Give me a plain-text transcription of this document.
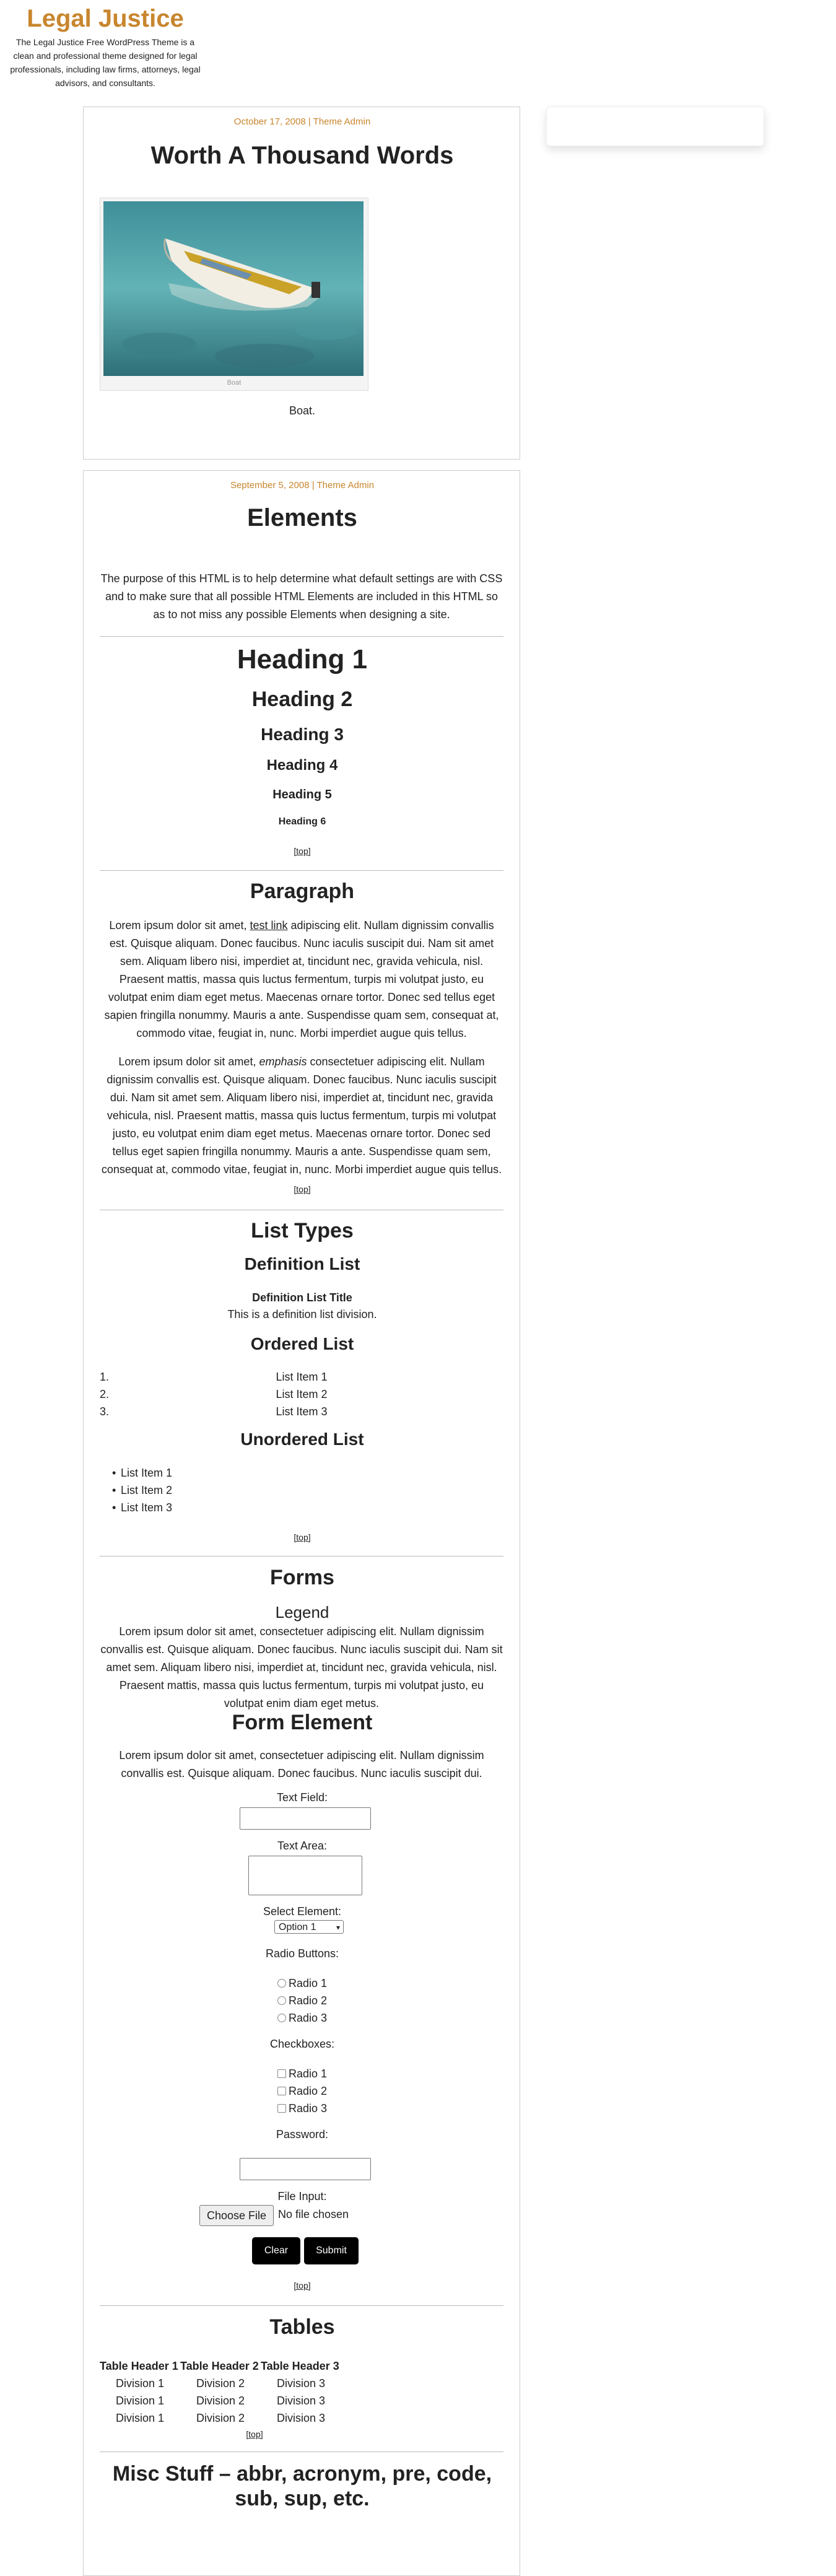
Legal Justice

The Legal Justice Free WordPress Theme is a clean and professional theme designed for legal professionals, including law firms, attorneys, legal advisors, and consultants.

October 17, 2008 | Theme Admin
Worth A Thousand Words
Boat
Boat.
September 5, 2008 | Theme Admin
Elements

The purpose of this HTML is to help determine what default settings are with CSS and to make sure that all possible HTML Elements are included in this HTML so as to not miss any possible Elements when designing a site.

Heading 1
Heading 2
Heading 3
Heading 4
Heading 5
Heading 6
[top]
Paragraph

Lorem ipsum dolor sit amet, test link adipiscing elit. Nullam dignissim convallis est. Quisque aliquam. Donec faucibus. Nunc iaculis suscipit dui. Nam sit amet sem. Aliquam libero nisi, imperdiet at, tincidunt nec, gravida vehicula, nisl. Praesent mattis, massa quis luctus fermentum, turpis mi volutpat justo, eu volutpat enim diam eget metus. Maecenas ornare tortor. Donec sed tellus eget sapien fringilla nonummy. Mauris a ante. Suspendisse quam sem, consequat at, commodo vitae, feugiat in, nunc. Morbi imperdiet augue quis tellus.

Lorem ipsum dolor sit amet, emphasis consectetuer adipiscing elit. Nullam dignissim convallis est. Quisque aliquam. Donec faucibus. Nunc iaculis suscipit dui. Nam sit amet sem. Aliquam libero nisi, imperdiet at, tincidunt nec, gravida vehicula, nisl. Praesent mattis, massa quis luctus fermentum, turpis mi volutpat justo, eu volutpat enim diam eget metus. Maecenas ornare tortor. Donec sed tellus eget sapien fringilla nonummy. Mauris a ante. Suspendisse quam sem, consequat at, commodo vitae, feugiat in, nunc. Morbi imperdiet augue quis tellus.

[top]
List Types
Definition List
Definition List Title
This is a definition list division.
Ordered List
1.	List Item 1
2.	List Item 2
3.	List Item 3
Unordered List
• List Item 1
• List Item 2
• List Item 3
[top]
Forms
Legend

Lorem ipsum dolor sit amet, consectetuer adipiscing elit. Nullam dignissim convallis est. Quisque aliquam. Donec faucibus. Nunc iaculis suscipit dui. Nam sit amet sem. Aliquam libero nisi, imperdiet at, tincidunt nec, gravida vehicula, nisl. Praesent mattis, massa quis luctus fermentum, turpis mi volutpat justo, eu volutpat enim diam eget metus.

Form Element

Lorem ipsum dolor sit amet, consectetuer adipiscing elit. Nullam dignissim convallis est. Quisque aliquam. Donec faucibus. Nunc iaculis suscipit dui.

Text Field:
Text Area:
Select Element:
Option 1	▾
Radio Buttons:
Radio 1
Radio 2
Radio 3
Checkboxes:
Radio 1
Radio 2
Radio 3
Password:
File Input:
Choose File	No file chosen
Clear	Submit
[top]
Tables
Table Header 1 Table Header 2 Table Header 3
Division 1	Division 2	Division 3
Division 1	Division 2	Division 3
Division 1	Division 2	Division 3
[top]
Misc Stuff – abbr, acronym, pre, code, sub, sup, etc.
